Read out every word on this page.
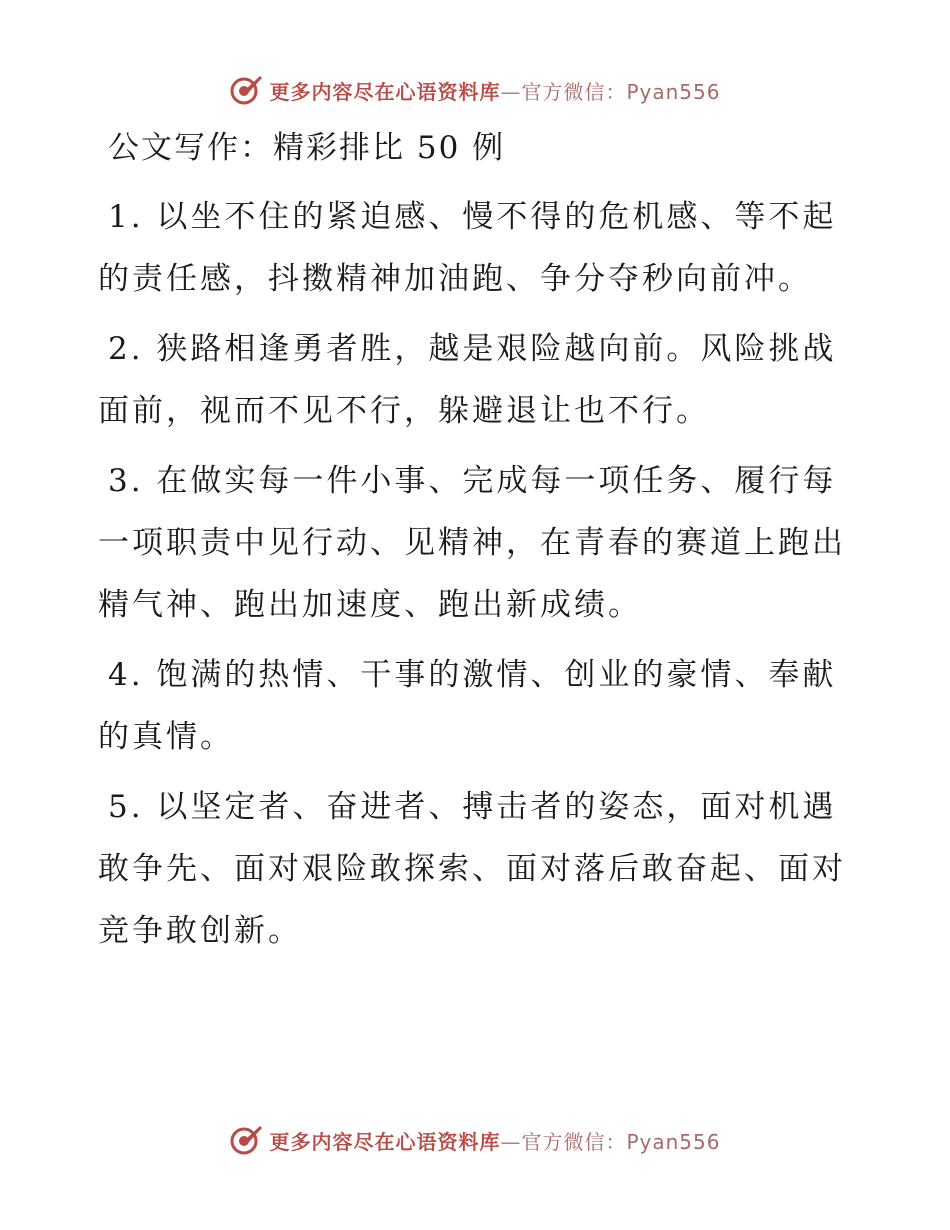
更多内容尽在心语资料库—官方微信：Pyan556
公文写作：精彩排比 50 例

1. 以坐不住的紧迫感、慢不得的危机感、等不起的责任感，抖擞精神加油跑、争分夺秒向前冲。

2. 狭路相逢勇者胜，越是艰险越向前。风险挑战面前，视而不见不行，躲避退让也不行。

3. 在做实每一件小事、完成每一项任务、履行每一项职责中见行动、见精神，在青春的赛道上跑出精气神、跑出加速度、跑出新成绩。

4. 饱满的热情、干事的激情、创业的豪情、奉献的真情。

5. 以坚定者、奋进者、搏击者的姿态，面对机遇敢争先、面对艰险敢探索、面对落后敢奋起、面对竞争敢创新。

更多内容尽在心语资料库—官方微信：Pyan556
